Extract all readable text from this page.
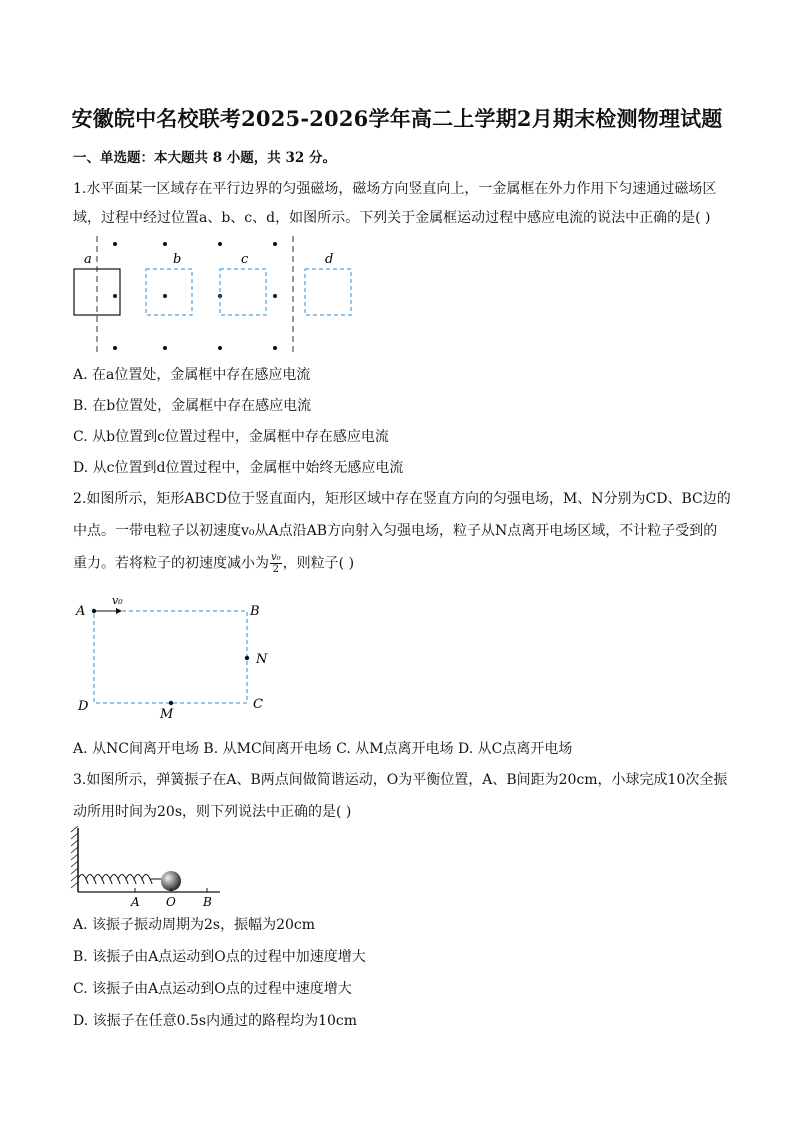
安徽皖中名校联考2025-2026学年高二上学期2月期末检测物理试题
一、单选题：本大题共 8 小题，共 32 分。
1.水平面某一区域存在平行边界的匀强磁场，磁场方向竖直向上，一金属框在外力作用下匀速通过磁场区
域，过程中经过位置a、b、c、d，如图所示。下列关于金属框运动过程中感应电流的说法中正确的是( )
a	b	c	d
A. 在a位置处，金属框中存在感应电流
B. 在b位置处，金属框中存在感应电流
C. 从b位置到c位置过程中，金属框中存在感应电流
D. 从c位置到d位置过程中，金属框中始终无感应电流
2.如图所示，矩形ABCD位于竖直面内，矩形区域中存在竖直方向的匀强电场，M、N分别为CD、BC边的
中点。一带电粒子以初速度v₀从A点沿AB方向射入匀强电场，粒子从N点离开电场区域，不计粒子受到的
重力。若将粒子的初速度减小为 $\frac{\text{v₀}}{2}$ ，则粒子( )
A
v₀
B
N
C
D
M
A. 从NC间离开电场 B. 从MC间离开电场 C. 从M点离开电场 D. 从C点离开电场
3.如图所示，弹簧振子在A、B两点间做简谐运动，O为平衡位置，A、B间距为20cm，小球完成10次全振
动所用时间为20s，则下列说法中正确的是( )
A O B
A. 该振子振动周期为2s，振幅为20cm
B. 该振子由A点运动到O点的过程中加速度增大
C. 该振子由A点运动到O点的过程中速度增大
D. 该振子在任意0.5s内通过的路程均为10cm
